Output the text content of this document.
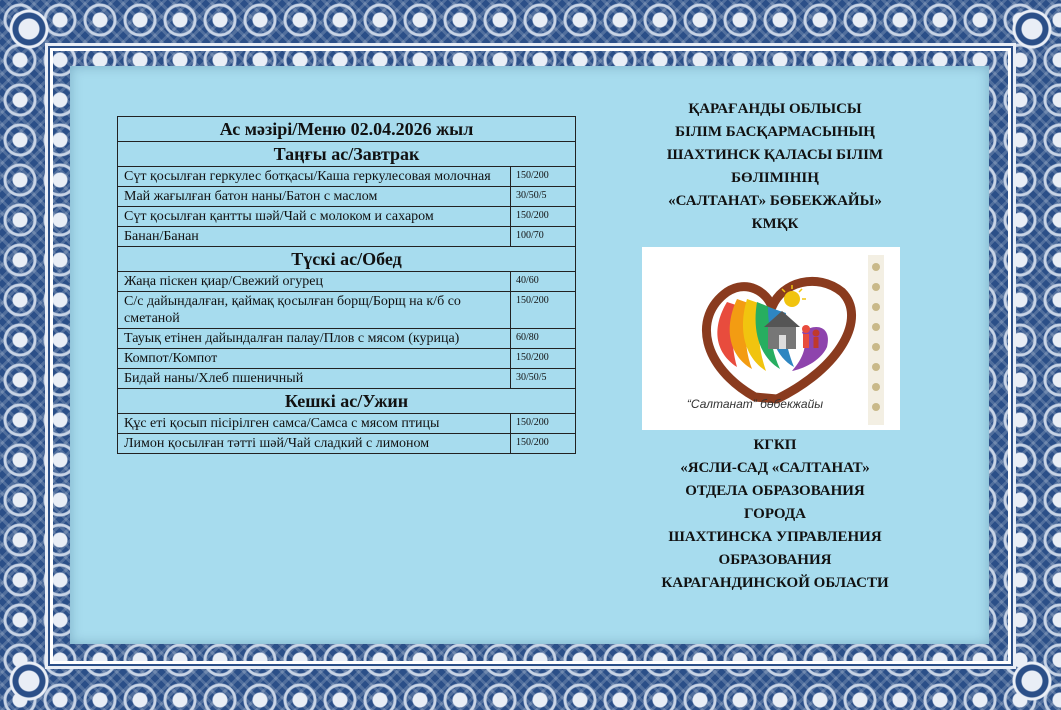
Ас мәзірі/Меню 02.04.2026 жыл	
Таңғы ас/Завтрак	
Сүт қосылған геркулес ботқасы/Каша геркулесовая молочная	150/200
Май жағылған батон наны/Батон с маслом	30/50/5
Сүт қосылған қантты шәй/Чай с молоком и сахаром	150/200
Банан/Банан	100/70
Түскі ас/Обед	
Жаңа піскен қиар/Свежий огурец	40/60
С/с дайындалған, қаймақ қосылған борщ/Борщ на к/б со сметаной	150/200
Тауық етінен дайындалған палау/Плов с мясом (курица)	60/80
Компот/Компот	150/200
Бидай наны/Хлеб пшеничный	30/50/5
Кешкі ас/Ужин	
Құс еті қосып пісірілген самса/Самса с мясом птицы	150/200
Лимон қосылған тәтті шәй/Чай сладкий с лимоном	150/200
ҚАРАҒАНДЫ ОБЛЫСЫ
БІЛІМ БАСҚАРМАСЫНЫҢ
ШАХТИНСК ҚАЛАСЫ БІЛІМ
БӨЛІМІНІҢ
«САЛТАНАТ» БӨБЕКЖАЙЫ»
КМҚК
“Салтанат” бөбекжайы
КГКП
«ЯСЛИ-САД «САЛТАНАТ»
ОТДЕЛА ОБРАЗОВАНИЯ
ГОРОДА
ШАХТИНСКА УПРАВЛЕНИЯ
ОБРАЗОВАНИЯ
КАРАГАНДИНСКОЙ ОБЛАСТИ
